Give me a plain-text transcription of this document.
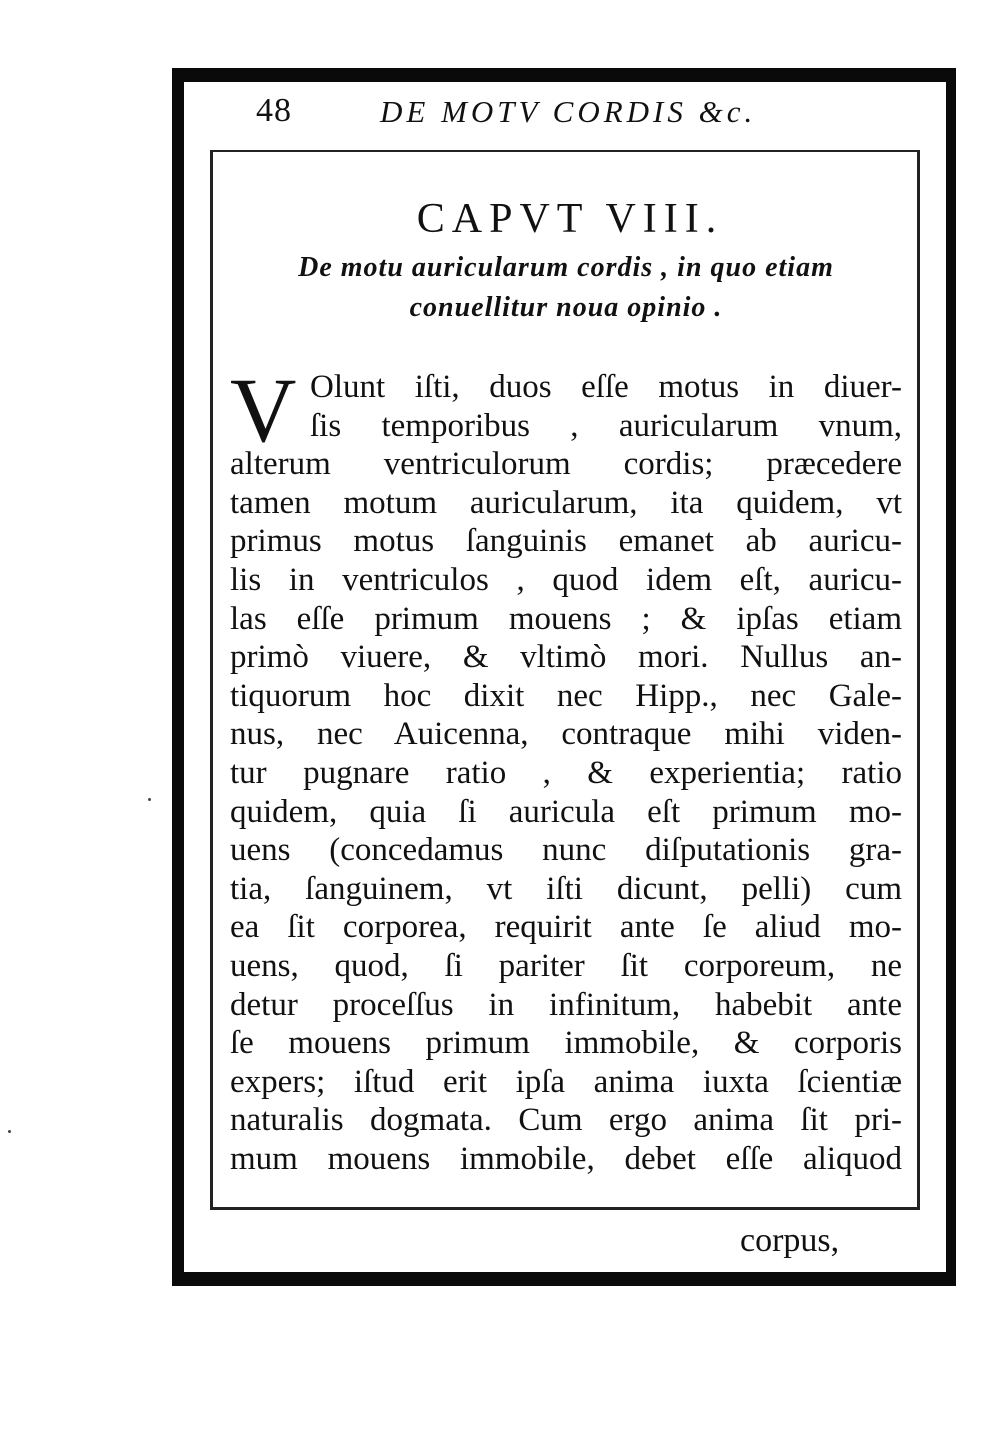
48	DE MOTV CORDIS &c.
CAPVT VIII.
De motu auricularum cordis , in quo etiam
conuellitur noua opinio .
V Olunt iſti, duos eſſe motus in diuer-
ſis temporibus , auricularum vnum,
alterum ventriculorum cordis; præcedere
tamen motum auricularum, ita quidem, vt
primus motus ſanguinis emanet ab auricu-
lis in ventriculos , quod idem eſt, auricu-
las eſſe primum mouens ; & ipſas etiam
primò viuere, & vltimò mori. Nullus an-
tiquorum hoc dixit nec Hipp., nec Gale-
nus, nec Auicenna, contraque mihi viden-
tur pugnare ratio , & experientia; ratio
quidem, quia ſi auricula eſt primum mo-
uens (concedamus nunc diſputationis gra-
tia, ſanguinem, vt iſti dicunt, pelli) cum
ea ſit corporea, requirit ante ſe aliud mo-
uens, quod, ſi pariter ſit corporeum, ne
detur proceſſus in infinitum, habebit ante
ſe mouens primum immobile, & corporis
expers; iſtud erit ipſa anima iuxta ſcientiæ
naturalis dogmata. Cum ergo anima ſit pri-
mum mouens immobile, debet eſſe aliquod
corpus,
